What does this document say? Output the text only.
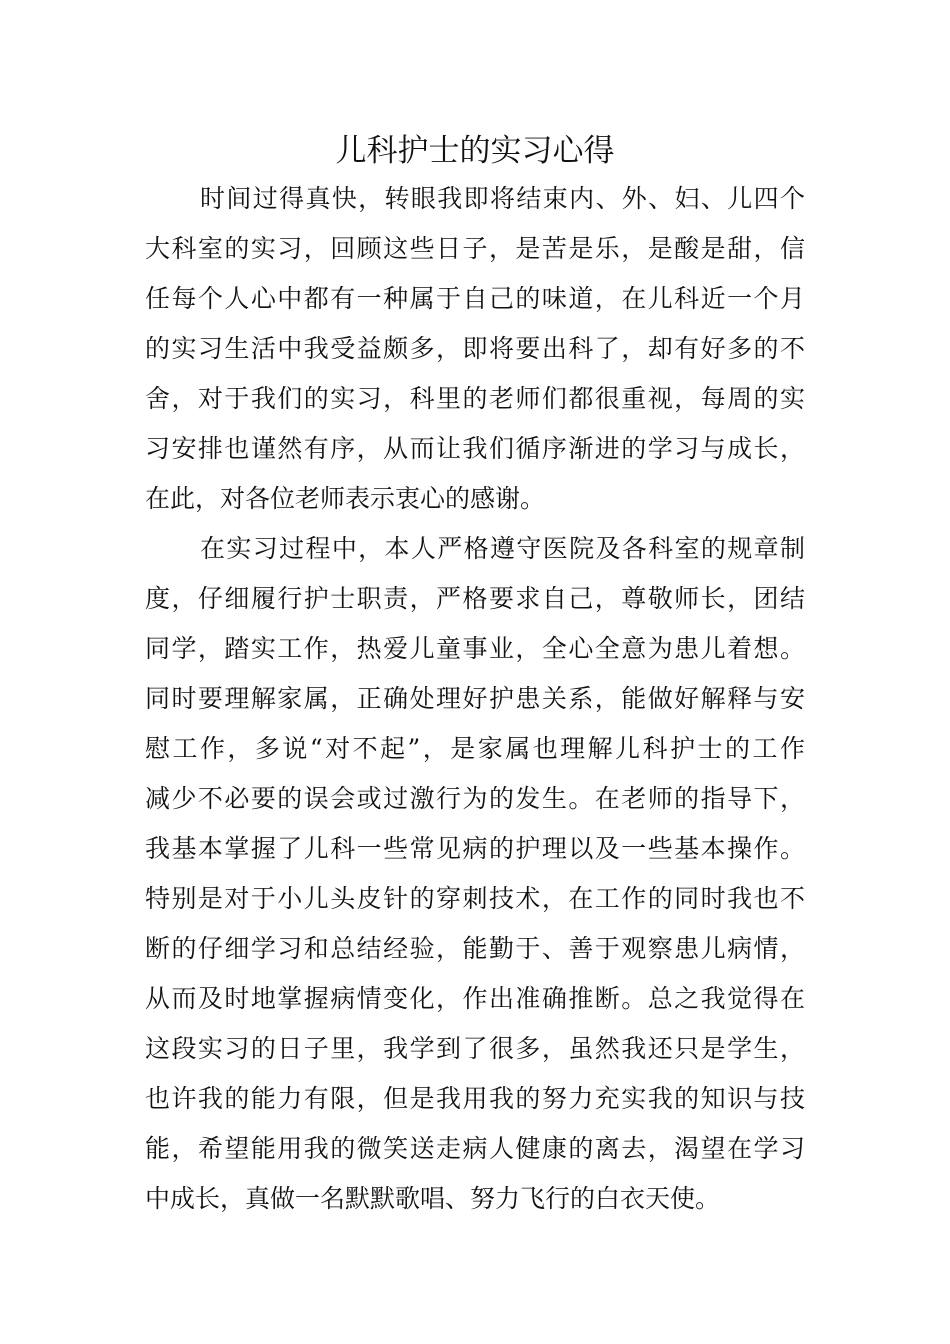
儿科护士的实习心得
时间过得真快，转眼我即将结束内、外、妇、儿四个
大科室的实习，回顾这些日子，是苦是乐，是酸是甜，信
任每个人心中都有一种属于自己的味道，在儿科近一个月
的实习生活中我受益颇多，即将要出科了，却有好多的不
舍，对于我们的实习，科里的老师们都很重视，每周的实
习安排也谨然有序，从而让我们循序渐进的学习与成长，
在此，对各位老师表示衷心的感谢。
在实习过程中，本人严格遵守医院及各科室的规章制
度，仔细履行护士职责，严格要求自己，尊敬师长，团结
同学，踏实工作，热爱儿童事业，全心全意为患儿着想。
同时要理解家属，正确处理好护患关系，能做好解释与安
慰工作，多说“对不起”，是家属也理解儿科护士的工作
减少不必要的误会或过激行为的发生。在老师的指导下，
我基本掌握了儿科一些常见病的护理以及一些基本操作。
特别是对于小儿头皮针的穿刺技术，在工作的同时我也不
断的仔细学习和总结经验，能勤于、善于观察患儿病情，
从而及时地掌握病情变化，作出准确推断。总之我觉得在
这段实习的日子里，我学到了很多，虽然我还只是学生，
也许我的能力有限，但是我用我的努力充实我的知识与技
能，希望能用我的微笑送走病人健康的离去，渴望在学习
中成长，真做一名默默歌唱、努力飞行的白衣天使。
